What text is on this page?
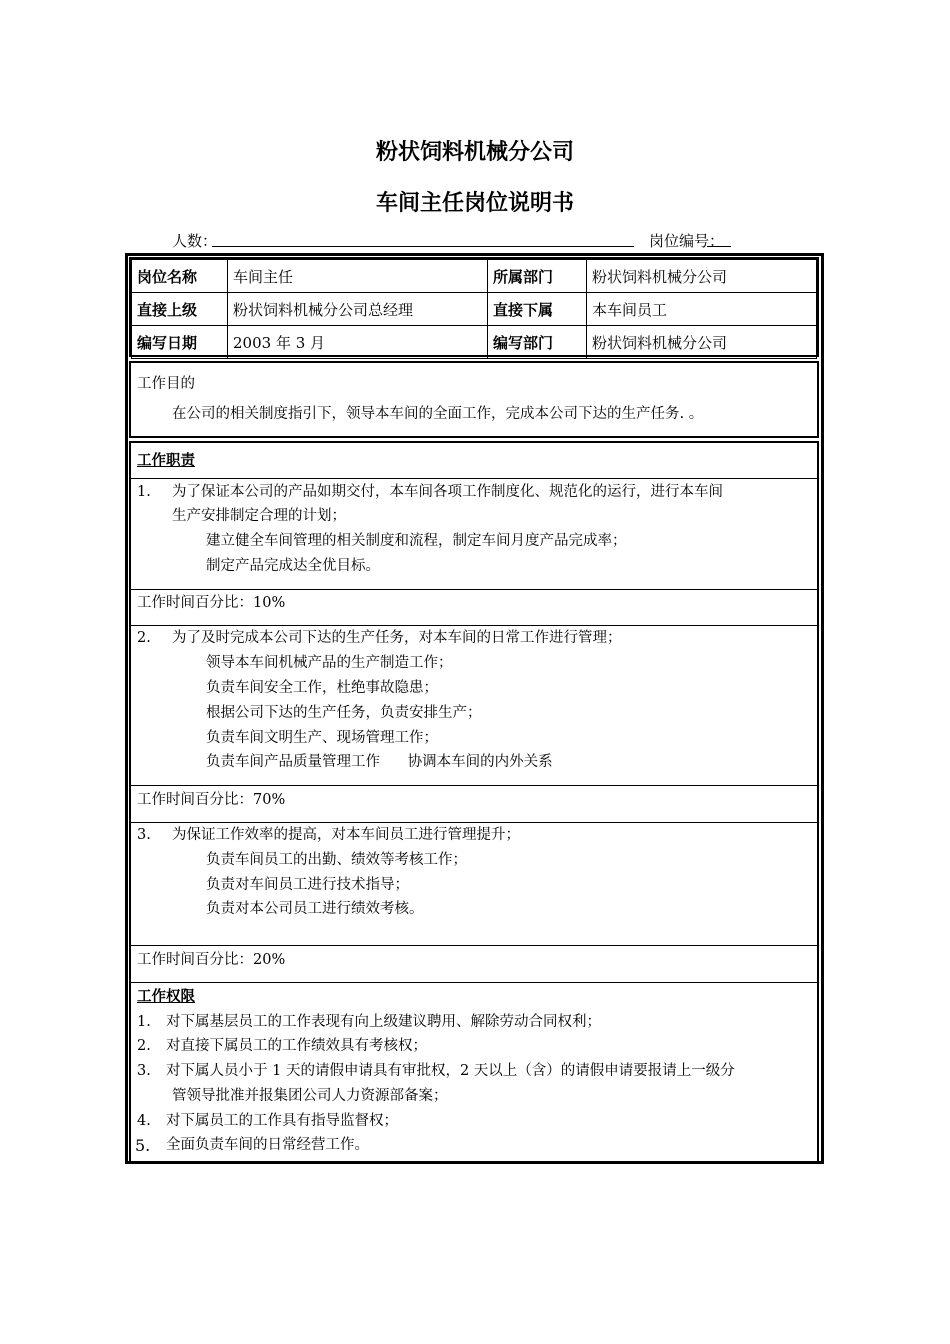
粉状饲料机械分公司
车间主任岗位说明书
人数：	岗位编号：
岗位名称	车间主任	所属部门	粉状饲料机械分公司
直接上级	粉状饲料机械分公司总经理	直接下属	本车间员工
编写日期	2003 年 3 月	编写部门	粉状饲料机械分公司
工作目的
在公司的相关制度指引下，领导本车间的全面工作，完成本公司下达的生产任务. 。
工作职责
1. 为了保证本公司的产品如期交付，本车间各项工作制度化、规范化的运行，进行本车间
生产安排制定合理的计划；
建立健全车间管理的相关制度和流程，制定车间月度产品完成率；
制定产品完成达全优目标。
工作时间百分比：10%
2. 为了及时完成本公司下达的生产任务，对本车间的日常工作进行管理；
领导本车间机械产品的生产制造工作；
负责车间安全工作，杜绝事故隐患；
根据公司下达的生产任务，负责安排生产；
负责车间文明生产、现场管理工作；
负责车间产品质量管理工作      协调本车间的内外关系
工作时间百分比：70%
3. 为保证工作效率的提高，对本车间员工进行管理提升；
负责车间员工的出勤、绩效等考核工作；
负责对车间员工进行技术指导；
负责对本公司员工进行绩效考核。
工作时间百分比：20%
工作权限
1. 对下属基层员工的工作表现有向上级建议聘用、解除劳动合同权利；
2. 对直接下属员工的工作绩效具有考核权；
3. 对下属人员小于 1 天的请假申请具有审批权，2 天以上（含）的请假申请要报请上一级分
管领导批准并报集团公司人力资源部备案；
4. 对下属员工的工作具有指导监督权；
5. 全面负责车间的日常经营工作。
